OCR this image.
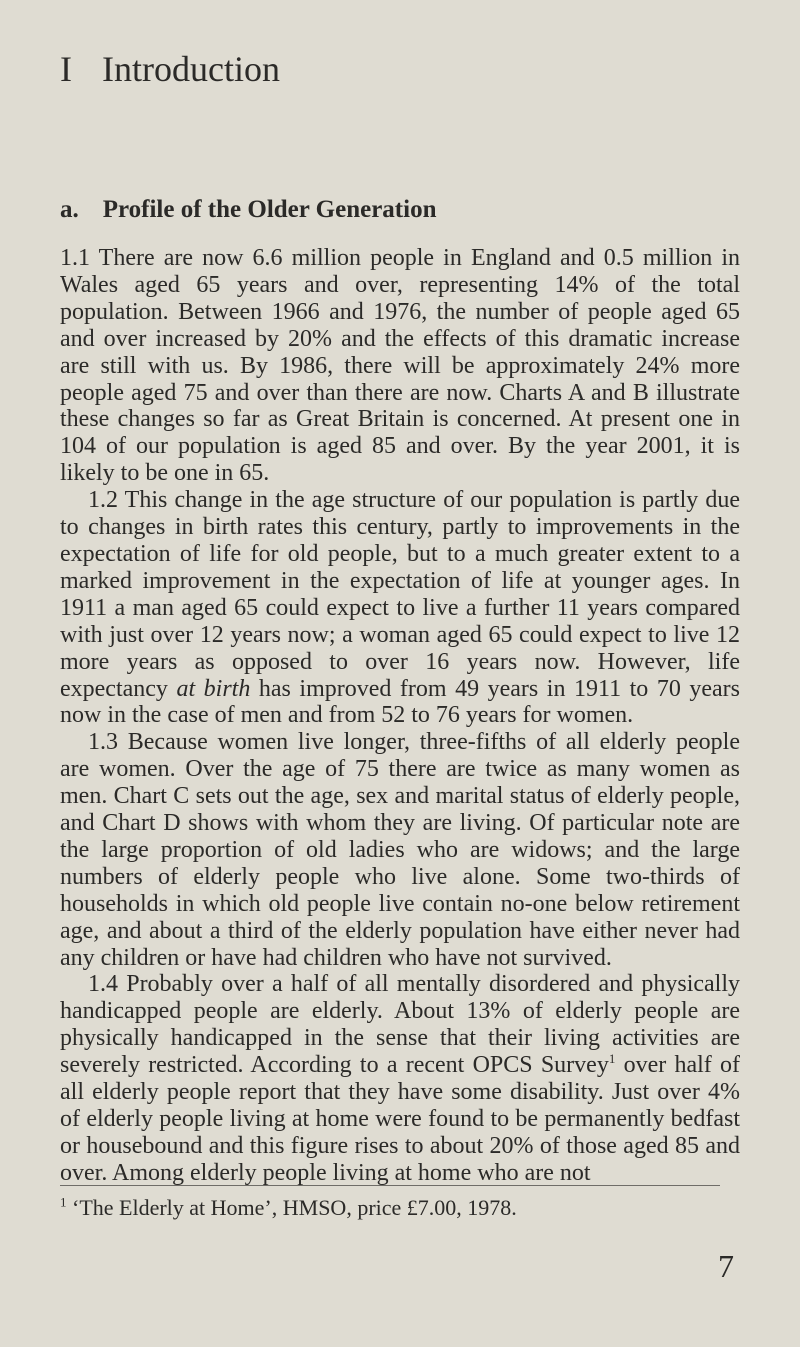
I Introduction
a. Profile of the Older Generation

1.1 There are now 6.6 million people in England and 0.5 million in Wales aged 65 years and over, representing 14% of the total population. Between 1966 and 1976, the number of people aged 65 and over increased by 20% and the effects of this dramatic increase are still with us. By 1986, there will be approximately 24% more people aged 75 and over than there are now. Charts A and B illustrate these changes so far as Great Britain is concerned. At present one in 104 of our population is aged 85 and over. By the year 2001, it is likely to be one in 65.

1.2 This change in the age structure of our population is partly due to changes in birth rates this century, partly to improvements in the expectation of life for old people, but to a much greater extent to a marked improvement in the expectation of life at younger ages. In 1911 a man aged 65 could expect to live a further 11 years compared with just over 12 years now; a woman aged 65 could expect to live 12 more years as opposed to over 16 years now. However, life expectancy at birth has improved from 49 years in 1911 to 70 years now in the case of men and from 52 to 76 years for women.

1.3 Because women live longer, three-fifths of all elderly people are women. Over the age of 75 there are twice as many women as men. Chart C sets out the age, sex and marital status of elderly people, and Chart D shows with whom they are living. Of particular note are the large proportion of old ladies who are widows; and the large numbers of elderly people who live alone. Some two-thirds of households in which old people live contain no-one below retirement age, and about a third of the elderly population have either never had any children or have had children who have not survived.

1.4 Probably over a half of all mentally disordered and physically handicapped people are elderly. About 13% of elderly people are physically handicapped in the sense that their living activities are severely restricted. According to a recent OPCS Survey$^1$ over half of all elderly people report that they have some disability. Just over 4% of elderly people living at home were found to be permanently bedfast or housebound and this figure rises to about 20% of those aged 85 and over. Among elderly people living at home who are not

$^1$ ‘The Elderly at Home’, HMSO, price £7.00, 1978.
7
